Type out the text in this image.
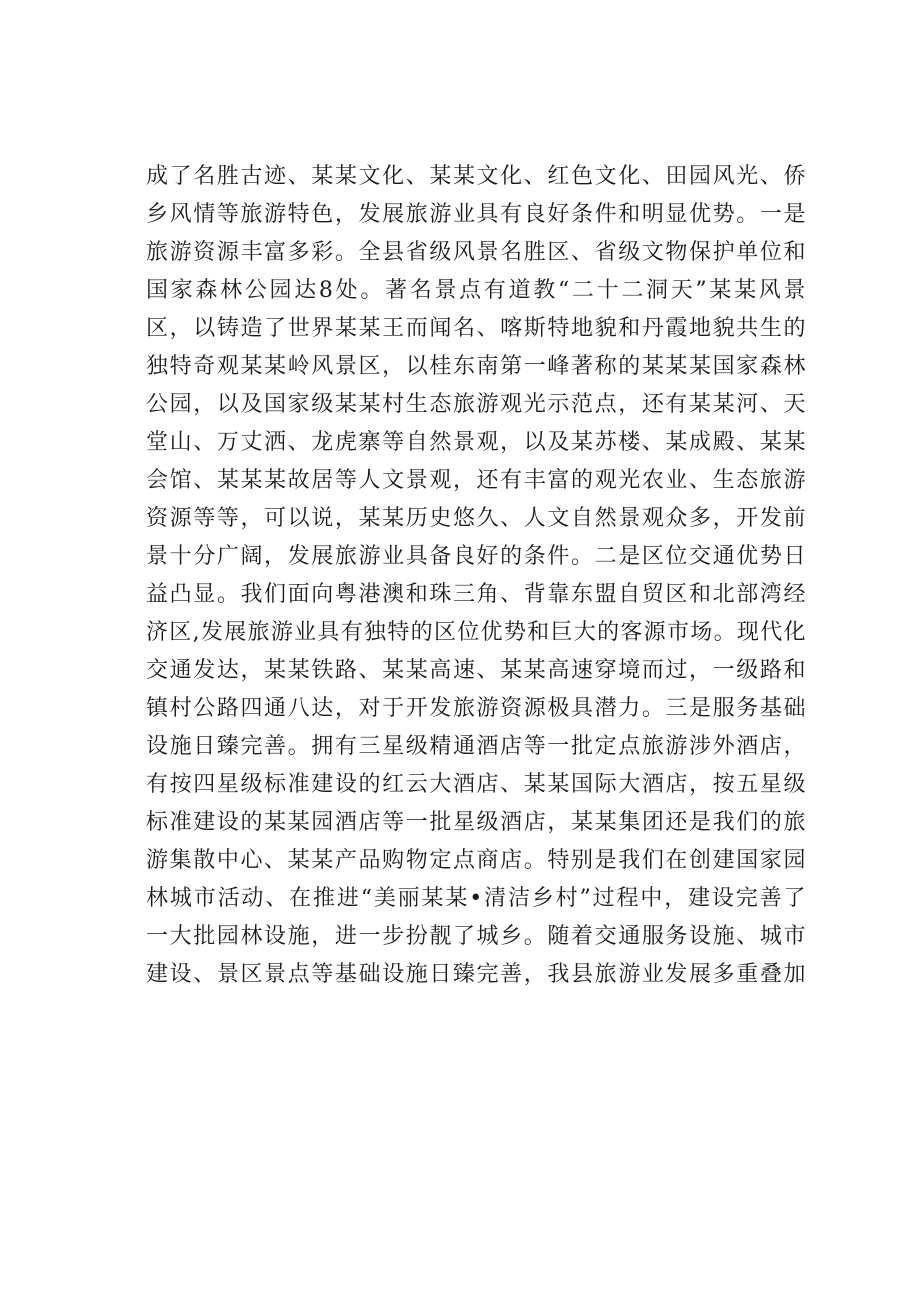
成了名胜古迹、某某文化、某某文化、红色文化、田园风光、侨
乡风情等旅游特色，发展旅游业具有良好条件和明显优势。一是
旅游资源丰富多彩。全县省级风景名胜区、省级文物保护单位和
国家森林公园达8处。著名景点有道教“二十二洞天”某某风景
区，以铸造了世界某某王而闻名、喀斯特地貌和丹霞地貌共生的
独特奇观某某岭风景区，以桂东南第一峰著称的某某某国家森林
公园，以及国家级某某村生态旅游观光示范点，还有某某河、天
堂山、万丈洒、龙虎寨等自然景观，以及某苏楼、某成殿、某某
会馆、某某某故居等人文景观，还有丰富的观光农业、生态旅游
资源等等，可以说，某某历史悠久、人文自然景观众多，开发前
景十分广阔，发展旅游业具备良好的条件。二是区位交通优势日
益凸显。我们面向粤港澳和珠三角、背靠东盟自贸区和北部湾经
济区,发展旅游业具有独特的区位优势和巨大的客源市场。现代化
交通发达，某某铁路、某某高速、某某高速穿境而过，一级路和
镇村公路四通八达，对于开发旅游资源极具潜力。三是服务基础
设施日臻完善。拥有三星级精通酒店等一批定点旅游涉外酒店，
有按四星级标准建设的红云大酒店、某某国际大酒店，按五星级
标准建设的某某园酒店等一批星级酒店，某某集团还是我们的旅
游集散中心、某某产品购物定点商店。特别是我们在创建国家园
林城市活动、在推进“美丽某某•清洁乡村”过程中，建设完善了
一大批园林设施，进一步扮靓了城乡。随着交通服务设施、城市
建设、景区景点等基础设施日臻完善，我县旅游业发展多重叠加
